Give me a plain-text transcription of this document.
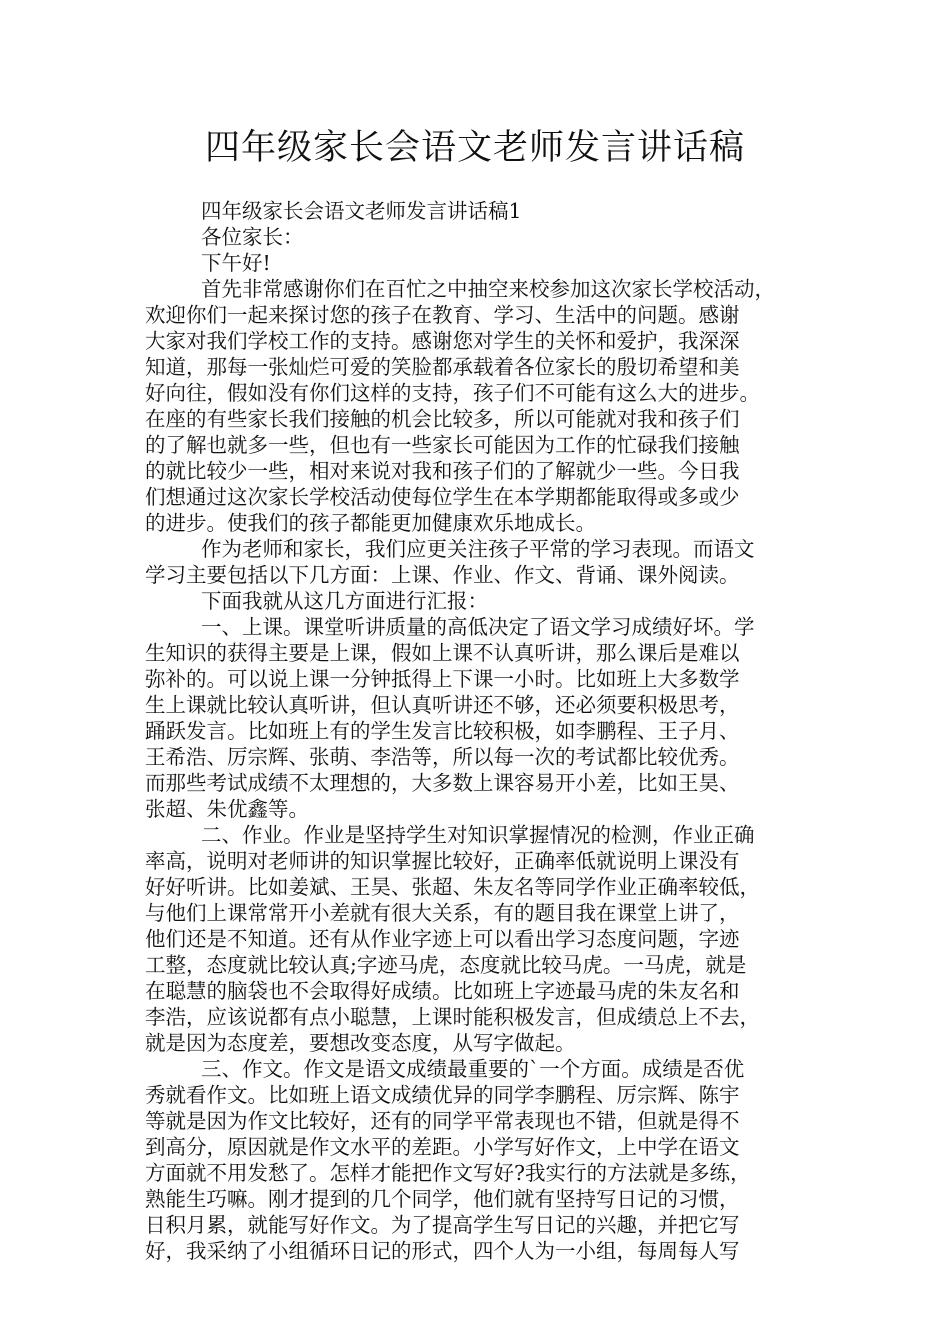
四年级家长会语文老师发言讲话稿
四年级家长会语文老师发言讲话稿1
各位家长：
下午好!
首先非常感谢你们在百忙之中抽空来校参加这次家长学校活动，
欢迎你们一起来探讨您的孩子在教育、学习、生活中的问题。感谢
大家对我们学校工作的支持。感谢您对学生的关怀和爱护，我深深
知道，那每一张灿烂可爱的笑脸都承载着各位家长的殷切希望和美
好向往，假如没有你们这样的支持，孩子们不可能有这么大的进步。
在座的有些家长我们接触的机会比较多，所以可能就对我和孩子们
的了解也就多一些，但也有一些家长可能因为工作的忙碌我们接触
的就比较少一些，相对来说对我和孩子们的了解就少一些。今日我
们想通过这次家长学校活动使每位学生在本学期都能取得或多或少
的进步。使我们的孩子都能更加健康欢乐地成长。
作为老师和家长，我们应更关注孩子平常的学习表现。而语文
学习主要包括以下几方面：上课、作业、作文、背诵、课外阅读。
下面我就从这几方面进行汇报：
一、上课。课堂听讲质量的高低决定了语文学习成绩好坏。学
生知识的获得主要是上课，假如上课不认真听讲，那么课后是难以
弥补的。可以说上课一分钟抵得上下课一小时。比如班上大多数学
生上课就比较认真听讲，但认真听讲还不够，还必须要积极思考，
踊跃发言。比如班上有的学生发言比较积极，如李鹏程、王子月、
王希浩、厉宗辉、张萌、李浩等，所以每一次的考试都比较优秀。
而那些考试成绩不太理想的，大多数上课容易开小差，比如王昊、
张超、朱优鑫等。
二、作业。作业是坚持学生对知识掌握情况的检测，作业正确
率高，说明对老师讲的知识掌握比较好，正确率低就说明上课没有
好好听讲。比如姜斌、王昊、张超、朱友名等同学作业正确率较低，
与他们上课常常开小差就有很大关系，有的题目我在课堂上讲了，
他们还是不知道。还有从作业字迹上可以看出学习态度问题，字迹
工整，态度就比较认真;字迹马虎，态度就比较马虎。一马虎，就是
在聪慧的脑袋也不会取得好成绩。比如班上字迹最马虎的朱友名和
李浩，应该说都有点小聪慧，上课时能积极发言，但成绩总上不去，
就是因为态度差，要想改变态度，从写字做起。
三、作文。作文是语文成绩最重要的`一个方面。成绩是否优
秀就看作文。比如班上语文成绩优异的同学李鹏程、厉宗辉、陈宇
等就是因为作文比较好，还有的同学平常表现也不错，但就是得不
到高分，原因就是作文水平的差距。小学写好作文，上中学在语文
方面就不用发愁了。怎样才能把作文写好?我实行的方法就是多练，
熟能生巧嘛。刚才提到的几个同学，他们就有坚持写日记的习惯，
日积月累，就能写好作文。为了提高学生写日记的兴趣，并把它写
好，我采纳了小组循环日记的形式，四个人为一小组，每周每人写
